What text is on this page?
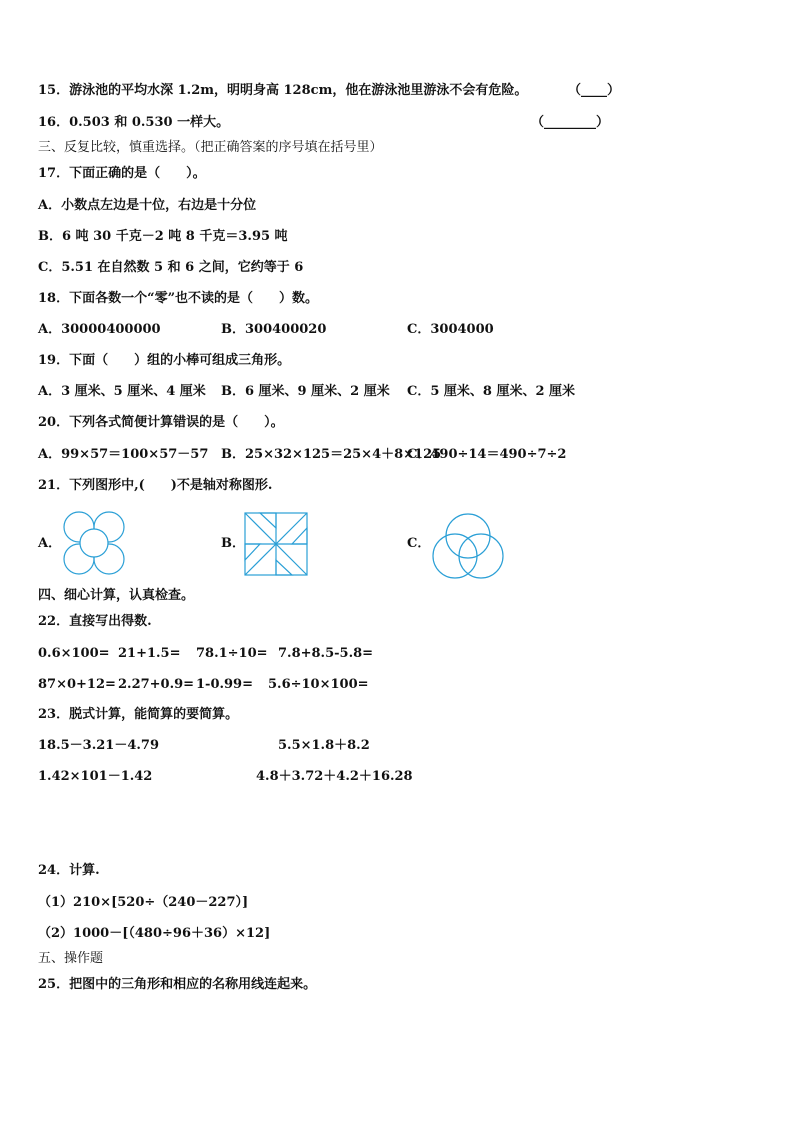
15．游泳池的平均水深 1.2m，明明身高 128cm，他在游泳池里游泳不会有危险。	（____）
16．0.503 和 0.530 一样大。	（________）
三、反复比较，慎重选择。（把正确答案的序号填在括号里）
17．下面正确的是（　　）。
A．小数点左边是十位，右边是十分位
B．6 吨 30 千克－2 吨 8 千克＝3.95 吨
C．5.51 在自然数 5 和 6 之间，它约等于 6
18．下面各数一个“零”也不读的是（　　）数。
A．30000400000	B．300400020	C．3004000
19．下面（　　）组的小棒可组成三角形。
A．3 厘米、5 厘米、4 厘米 B．6 厘米、9 厘米、2 厘米 C．5 厘米、8 厘米、2 厘米
20．下列各式简便计算错误的是（　　）。
A．99×57＝100×57－57 B．25×32×125＝25×4＋8×125
C．490÷14＝490÷7÷2
21．下列图形中,(　　)不是轴对称图形.
A．	B．	C．
四、细心计算，认真检查。
22．直接写出得数.
0.6×100= 21+1.5= 78.1÷10= 7.8+8.5-5.8=
87×0+12= 2.27+0.9= 1-0.99= 5.6÷10×100=
23．脱式计算，能简算的要简算。
18.5－3.21－4.79	5.5×1.8＋8.2
1.42×101－1.42	4.8＋3.72＋4.2＋16.28
24．计算.
（1）210×[520÷（240－227）]
（2）1000－[（480÷96＋36）×12]
五、操作题
25．把图中的三角形和相应的名称用线连起来。
